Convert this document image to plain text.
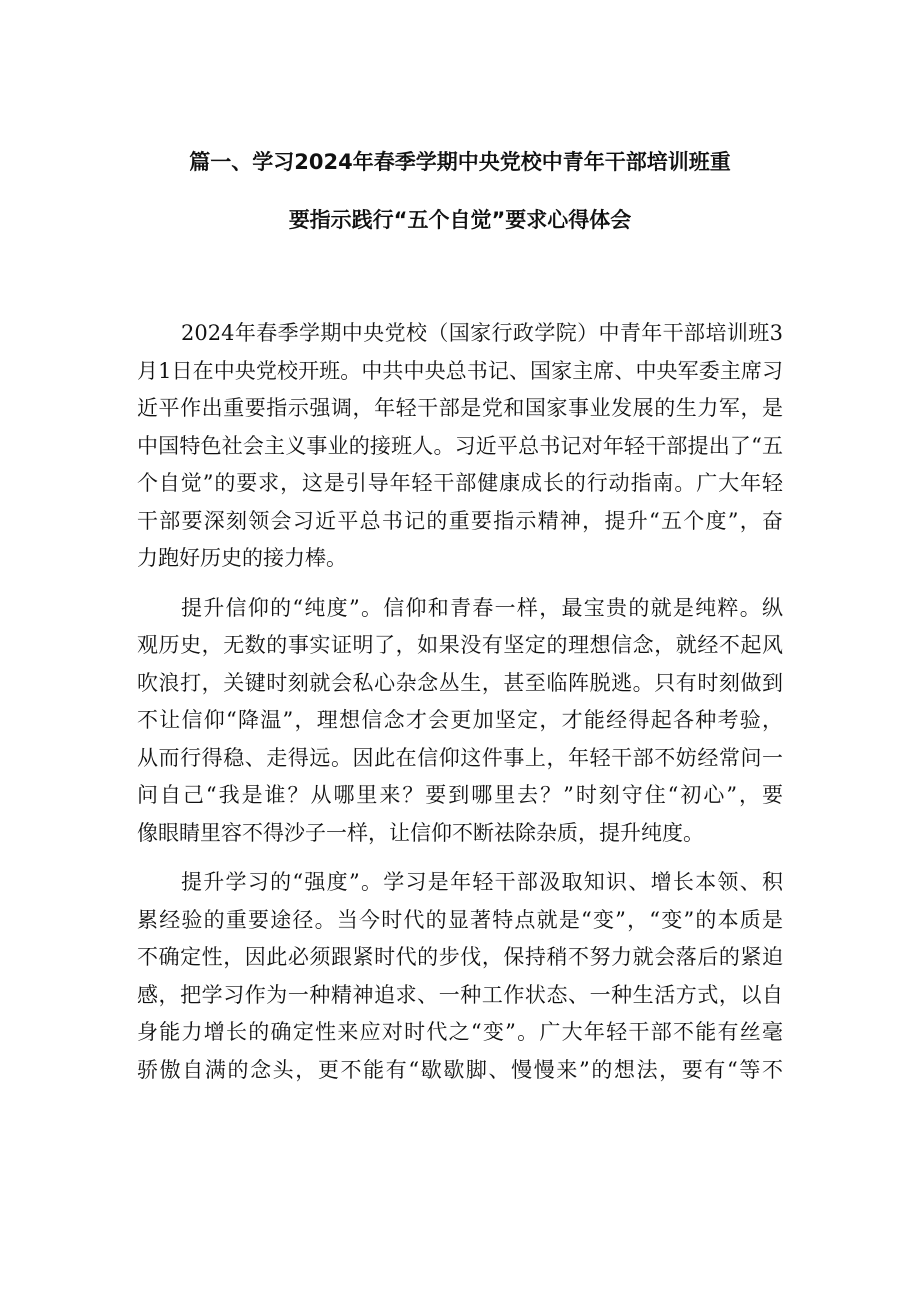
篇一、学习2024年春季学期中央党校中青年干部培训班重
要指示践行“五个自觉”要求心得体会
2024年春季学期中央党校（国家行政学院）中青年干部培训班3
月1日在中央党校开班。中共中央总书记、国家主席、中央军委主席习
近平作出重要指示强调，年轻干部是党和国家事业发展的生力军，是
中国特色社会主义事业的接班人。习近平总书记对年轻干部提出了“五
个自觉”的要求，这是引导年轻干部健康成长的行动指南。广大年轻
干部要深刻领会习近平总书记的重要指示精神，提升“五个度”，奋
力跑好历史的接力棒。
提升信仰的“纯度”。信仰和青春一样，最宝贵的就是纯粹。纵
观历史，无数的事实证明了，如果没有坚定的理想信念，就经不起风
吹浪打，关键时刻就会私心杂念丛生，甚至临阵脱逃。只有时刻做到
不让信仰“降温”，理想信念才会更加坚定，才能经得起各种考验，
从而行得稳、走得远。因此在信仰这件事上，年轻干部不妨经常问一
问自己“我是谁？从哪里来？要到哪里去？”时刻守住“初心”，要
像眼睛里容不得沙子一样，让信仰不断祛除杂质，提升纯度。
提升学习的“强度”。学习是年轻干部汲取知识、增长本领、积
累经验的重要途径。当今时代的显著特点就是“变”，“变”的本质是
不确定性，因此必须跟紧时代的步伐，保持稍不努力就会落后的紧迫
感，把学习作为一种精神追求、一种工作状态、一种生活方式，以自
身能力增长的确定性来应对时代之“变”。广大年轻干部不能有丝毫
骄傲自满的念头，更不能有“歇歇脚、慢慢来”的想法，要有“等不
